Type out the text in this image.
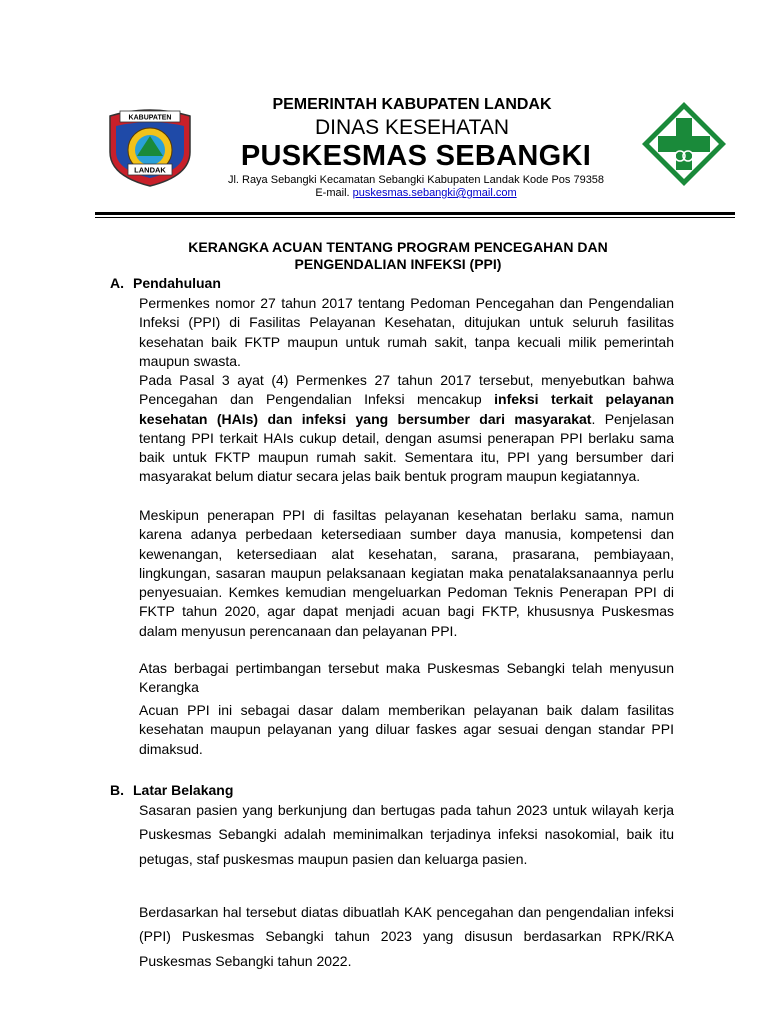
KABUPATEN
LANDAK
PEMERINTAH KABUPATEN LANDAK
DINAS KESEHATAN
PUSKESMAS SEBANGKI
Jl. Raya Sebangki Kecamatan Sebangki Kabupaten Landak Kode Pos 79358
E-mail. puskesmas.sebangki@gmail.com
KERANGKA ACUAN TENTANG PROGRAM PENCEGAHAN DAN
PENGENDALIAN INFEKSI (PPI)
A. Pendahuluan

Permenkes nomor 27 tahun 2017 tentang Pedoman Pencegahan dan Pengendalian Infeksi (PPI) di Fasilitas Pelayanan Kesehatan, ditujukan untuk seluruh fasilitas kesehatan baik FKTP maupun untuk rumah sakit, tanpa kecuali milik pemerintah maupun swasta.

Pada Pasal 3 ayat (4) Permenkes 27 tahun 2017 tersebut, menyebutkan bahwa Pencegahan dan Pengendalian Infeksi mencakup infeksi terkait pelayanan kesehatan (HAIs) dan infeksi yang bersumber dari masyarakat. Penjelasan tentang PPI terkait HAIs cukup detail, dengan asumsi penerapan PPI berlaku sama baik untuk FKTP maupun rumah sakit. Sementara itu, PPI yang bersumber dari masyarakat belum diatur secara jelas baik bentuk program maupun kegiatannya.

Meskipun penerapan PPI di fasiltas pelayanan kesehatan berlaku sama, namun karena adanya perbedaan ketersediaan sumber daya manusia, kompetensi dan kewenangan, ketersediaan alat kesehatan, sarana, prasarana, pembiayaan, lingkungan, sasaran maupun pelaksanaan kegiatan maka penatalaksanaannya perlu penyesuaian. Kemkes kemudian mengeluarkan Pedoman Teknis Penerapan PPI di FKTP tahun 2020, agar dapat menjadi acuan bagi FKTP, khususnya Puskesmas dalam menyusun perencanaan dan pelayanan PPI.

Atas berbagai pertimbangan tersebut maka Puskesmas Sebangki telah menyusun Kerangka

Acuan PPI ini sebagai dasar dalam memberikan pelayanan baik dalam fasilitas kesehatan maupun pelayanan yang diluar faskes agar sesuai dengan standar PPI dimaksud.

B. Latar Belakang

Sasaran pasien yang berkunjung dan bertugas pada tahun 2023 untuk wilayah kerja Puskesmas Sebangki adalah meminimalkan terjadinya infeksi nasokomial, baik itu petugas, staf puskesmas maupun pasien dan keluarga pasien.

Berdasarkan hal tersebut diatas dibuatlah KAK pencegahan dan pengendalian infeksi (PPI) Puskesmas Sebangki tahun 2023 yang disusun berdasarkan RPK/RKA Puskesmas Sebangki tahun 2022.
